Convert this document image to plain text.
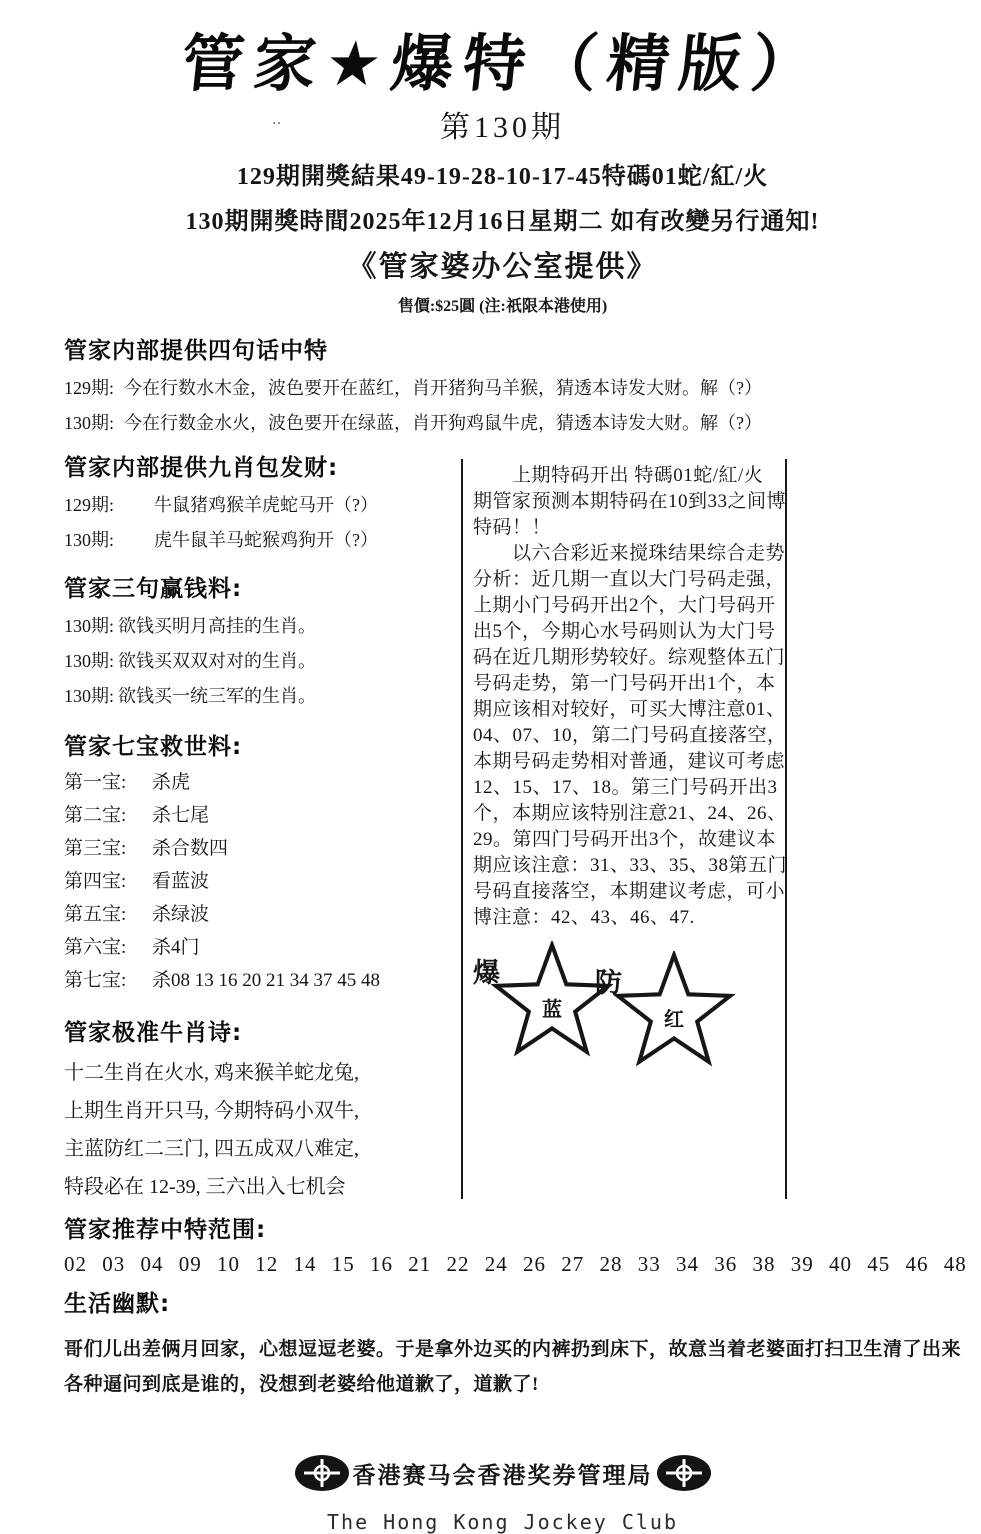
‥
管家★爆特（精版）
第130期
129期開獎結果49-19-28-10-17-45特碼01蛇/紅/火
130期開獎時間2025年12月16日星期二 如有改變另行通知!
《管家婆办公室提供》
售價:$25圓 (注:祇限本港使用)
管家内部提供四句话中特
129期: 今在行数水木金，波色要开在蓝红，肖开猪狗马羊猴，猜透本诗发大财。解（?）
130期: 今在行数金水火，波色要开在绿蓝，肖开狗鸡鼠牛虎，猜透本诗发大财。解（?）
管家内部提供九肖包发财:
129期: 牛鼠猪鸡猴羊虎蛇马开（?）
130期: 虎牛鼠羊马蛇猴鸡狗开（?）
管家三句赢钱料:
130期: 欲钱买明月高挂的生肖。
130期: 欲钱买双双对对的生肖。
130期: 欲钱买一统三军的生肖。
管家七宝救世料:
第一宝: 杀虎
第二宝: 杀七尾
第三宝: 杀合数四
第四宝: 看蓝波
第五宝: 杀绿波
第六宝: 杀4门
第七宝: 杀08 13 16 20 21 34 37 45 48
管家极准牛肖诗:
十二生肖在火水, 鸡来猴羊蛇龙兔,
上期生肖开只马, 今期特码小双牛,
主蓝防红二三门, 四五成双八难定,
特段必在 12-39, 三六出入七机会
　　上期特码开出 特碼01蛇/紅/火
期管家预测本期特码在10到33之间博
特码！！
　　以六合彩近来搅珠结果综合走势
分析：近几期一直以大门号码走强，
上期小门号码开出2个，大门号码开
出5个，今期心水号码则认为大门号
码在近几期形势较好。综观整体五门
号码走势，第一门号码开出1个，本
期应该相对较好，可买大博注意01、
04、07、10，第二门号码直接落空，
本期号码走势相对普通，建议可考虑
12、15、17、18。第三门号码开出3
个，本期应该特别注意21、24、26、
29。第四门号码开出3个，故建议本
期应该注意：31、33、35、38第五门
号码直接落空，本期建议考虑，可小
博注意：42、43、46、47.
爆
蓝
防
红
管家推荐中特范围:
02 03 04 09 10 12 14 15 16 21 22 24 26 27 28 33 34 36 38 39 40 45 46 48
生活幽默:
哥们儿出差俩月回家，心想逗逗老婆。于是拿外边买的内裤扔到床下，故意当着老婆面打扫卫生清了出来
各种逼问到底是谁的，没想到老婆给他道歉了，道歉了!
香港赛马会香港奖券管理局
The Hong Kong Jockey Club
